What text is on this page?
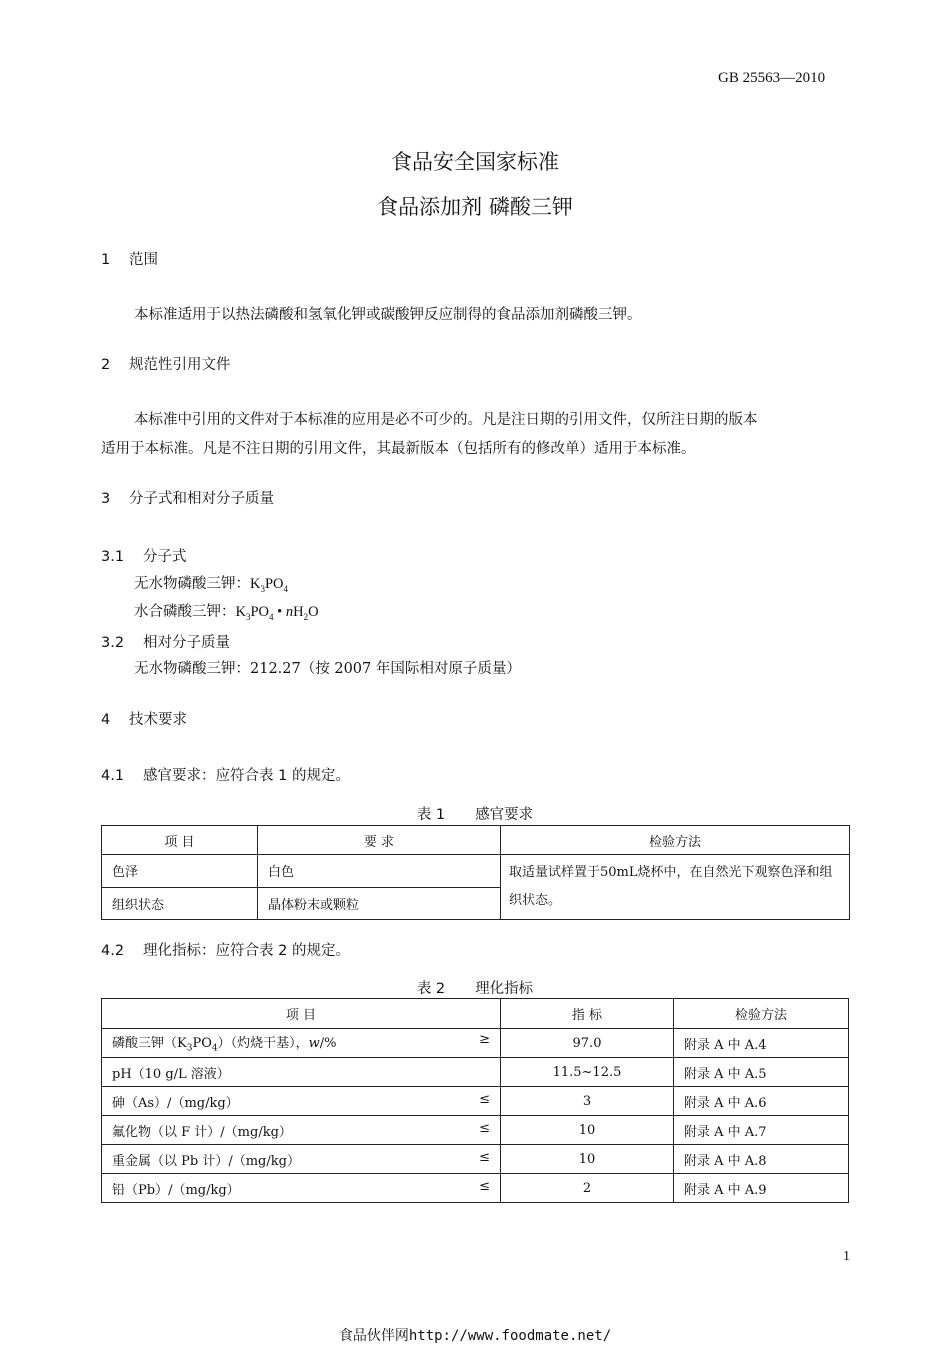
GB 25563—2010
食品安全国家标准
食品添加剂 磷酸三钾
1 范围
本标准适用于以热法磷酸和氢氧化钾或碳酸钾反应制得的食品添加剂磷酸三钾。
2 规范性引用文件
本标准中引用的文件对于本标准的应用是必不可少的。凡是注日期的引用文件，仅所注日期的版本
适用于本标准。凡是不注日期的引用文件，其最新版本（包括所有的修改单）适用于本标准。
3 分子式和相对分子质量
3.1 分子式
无水物磷酸三钾：$K_3PO_4$
水合磷酸三钾：$K_3PO_4$ • $nH_2O$
3.2 相对分子质量
无水物磷酸三钾：212.27（按 2007 年国际相对原子质量）
4 技术要求
4.1 感官要求：应符合表 1 的规定。
表 1 感官要求
项 目	要 求	检验方法
色泽	白色	取适量试样置于50mL烧杯中，在自然光下观察色泽和组织状态。
组织状态	晶体粉末或颗粒	
4.2 理化指标：应符合表 2 的规定。
表 2 理化指标
项 目	指 标	检验方法
磷酸三钾$(K_3PO_4)$（灼烧干基），w/% ≥	97.0	附录 A 中 A.4
pH（10 g/L 溶液）	11.5~12.5	附录 A 中 A.5
砷（As）/（mg/kg） ≤	3	附录 A 中 A.6
氟化物（以 F 计）/（mg/kg） ≤	10	附录 A 中 A.7
重金属（以 Pb 计）/（mg/kg） ≤	10	附录 A 中 A.8
铅（Pb）/（mg/kg） ≤	2	附录 A 中 A.9
1
食品伙伴网http://www.foodmate.net/
